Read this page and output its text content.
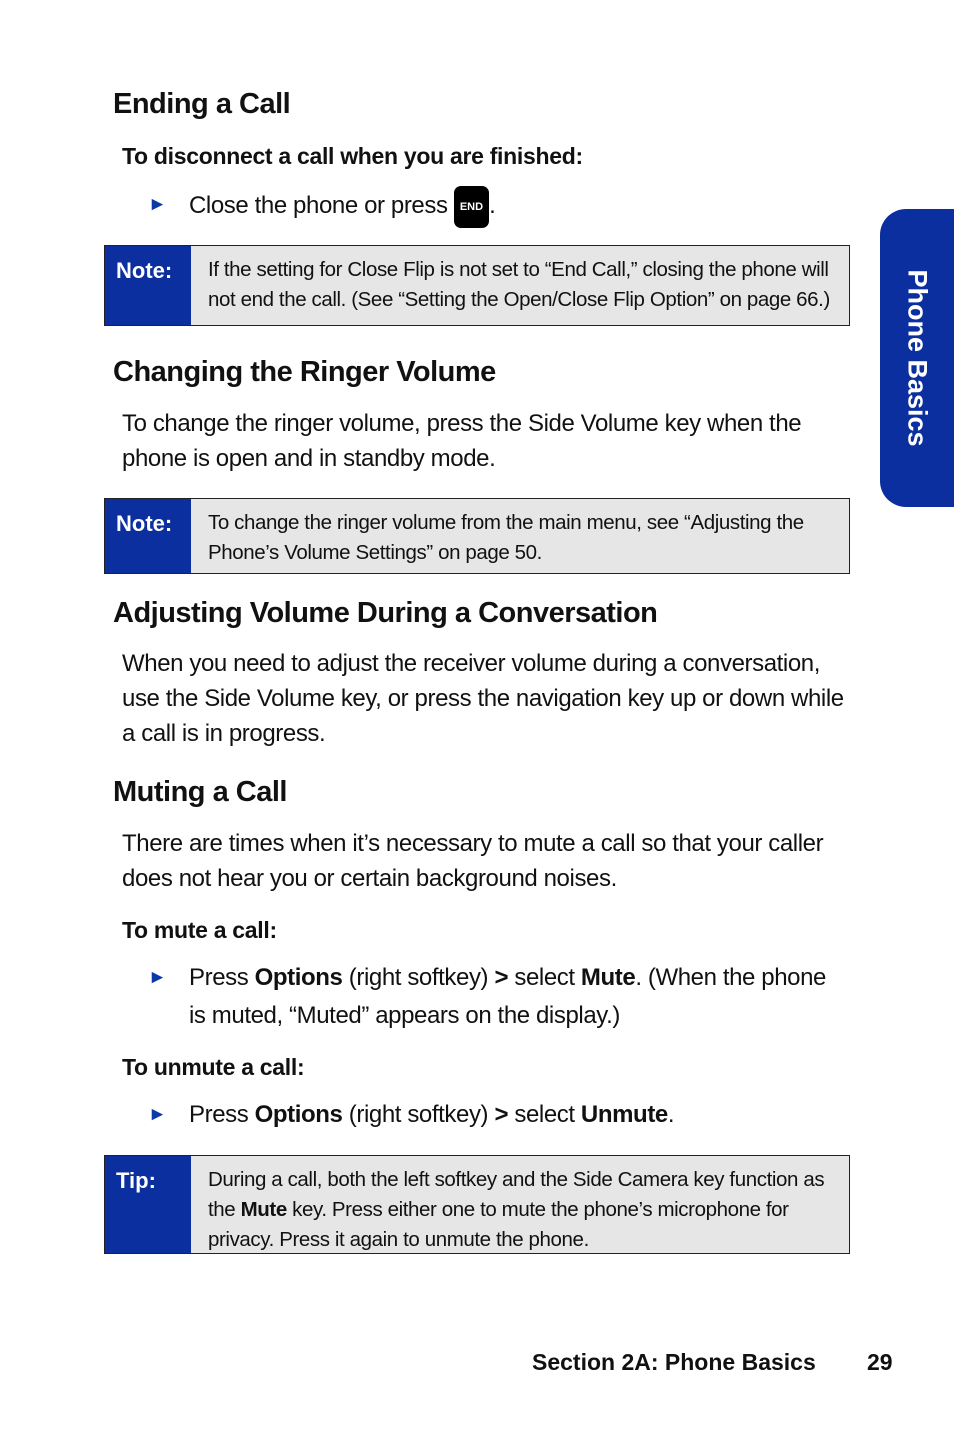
Phone Basics
Ending a Call
To disconnect a call when you are finished:
► Close the phone or press END .
Note: If the setting for Close Flip is not set to “End Call,” closing the phone will not end the call. (See “Setting the Open/Close Flip Option” on page 66.)
Changing the Ringer Volume

To change the ringer volume, press the Side Volume key when the phone is open and in standby mode.

Note: To change the ringer volume from the main menu, see “Adjusting the Phone’s Volume Settings” on page 50.
Adjusting Volume During a Conversation

When you need to adjust the receiver volume during a conversation, use the Side Volume key, or press the navigation key up or down while a call is in progress.

Muting a Call

There are times when it’s necessary to mute a call so that your caller does not hear you or certain background noises.

To mute a call:
► Press Options (right softkey) > select Mute. (When the phone is muted, “Muted” appears on the display.)
To unmute a call:
► Press Options (right softkey) > select Unmute.
Tip:	During a call, both the left softkey and the Side Camera key function as the Mute key. Press either one to mute the phone’s microphone for privacy. Press it again to unmute the phone.
Section 2A: Phone Basics 29
